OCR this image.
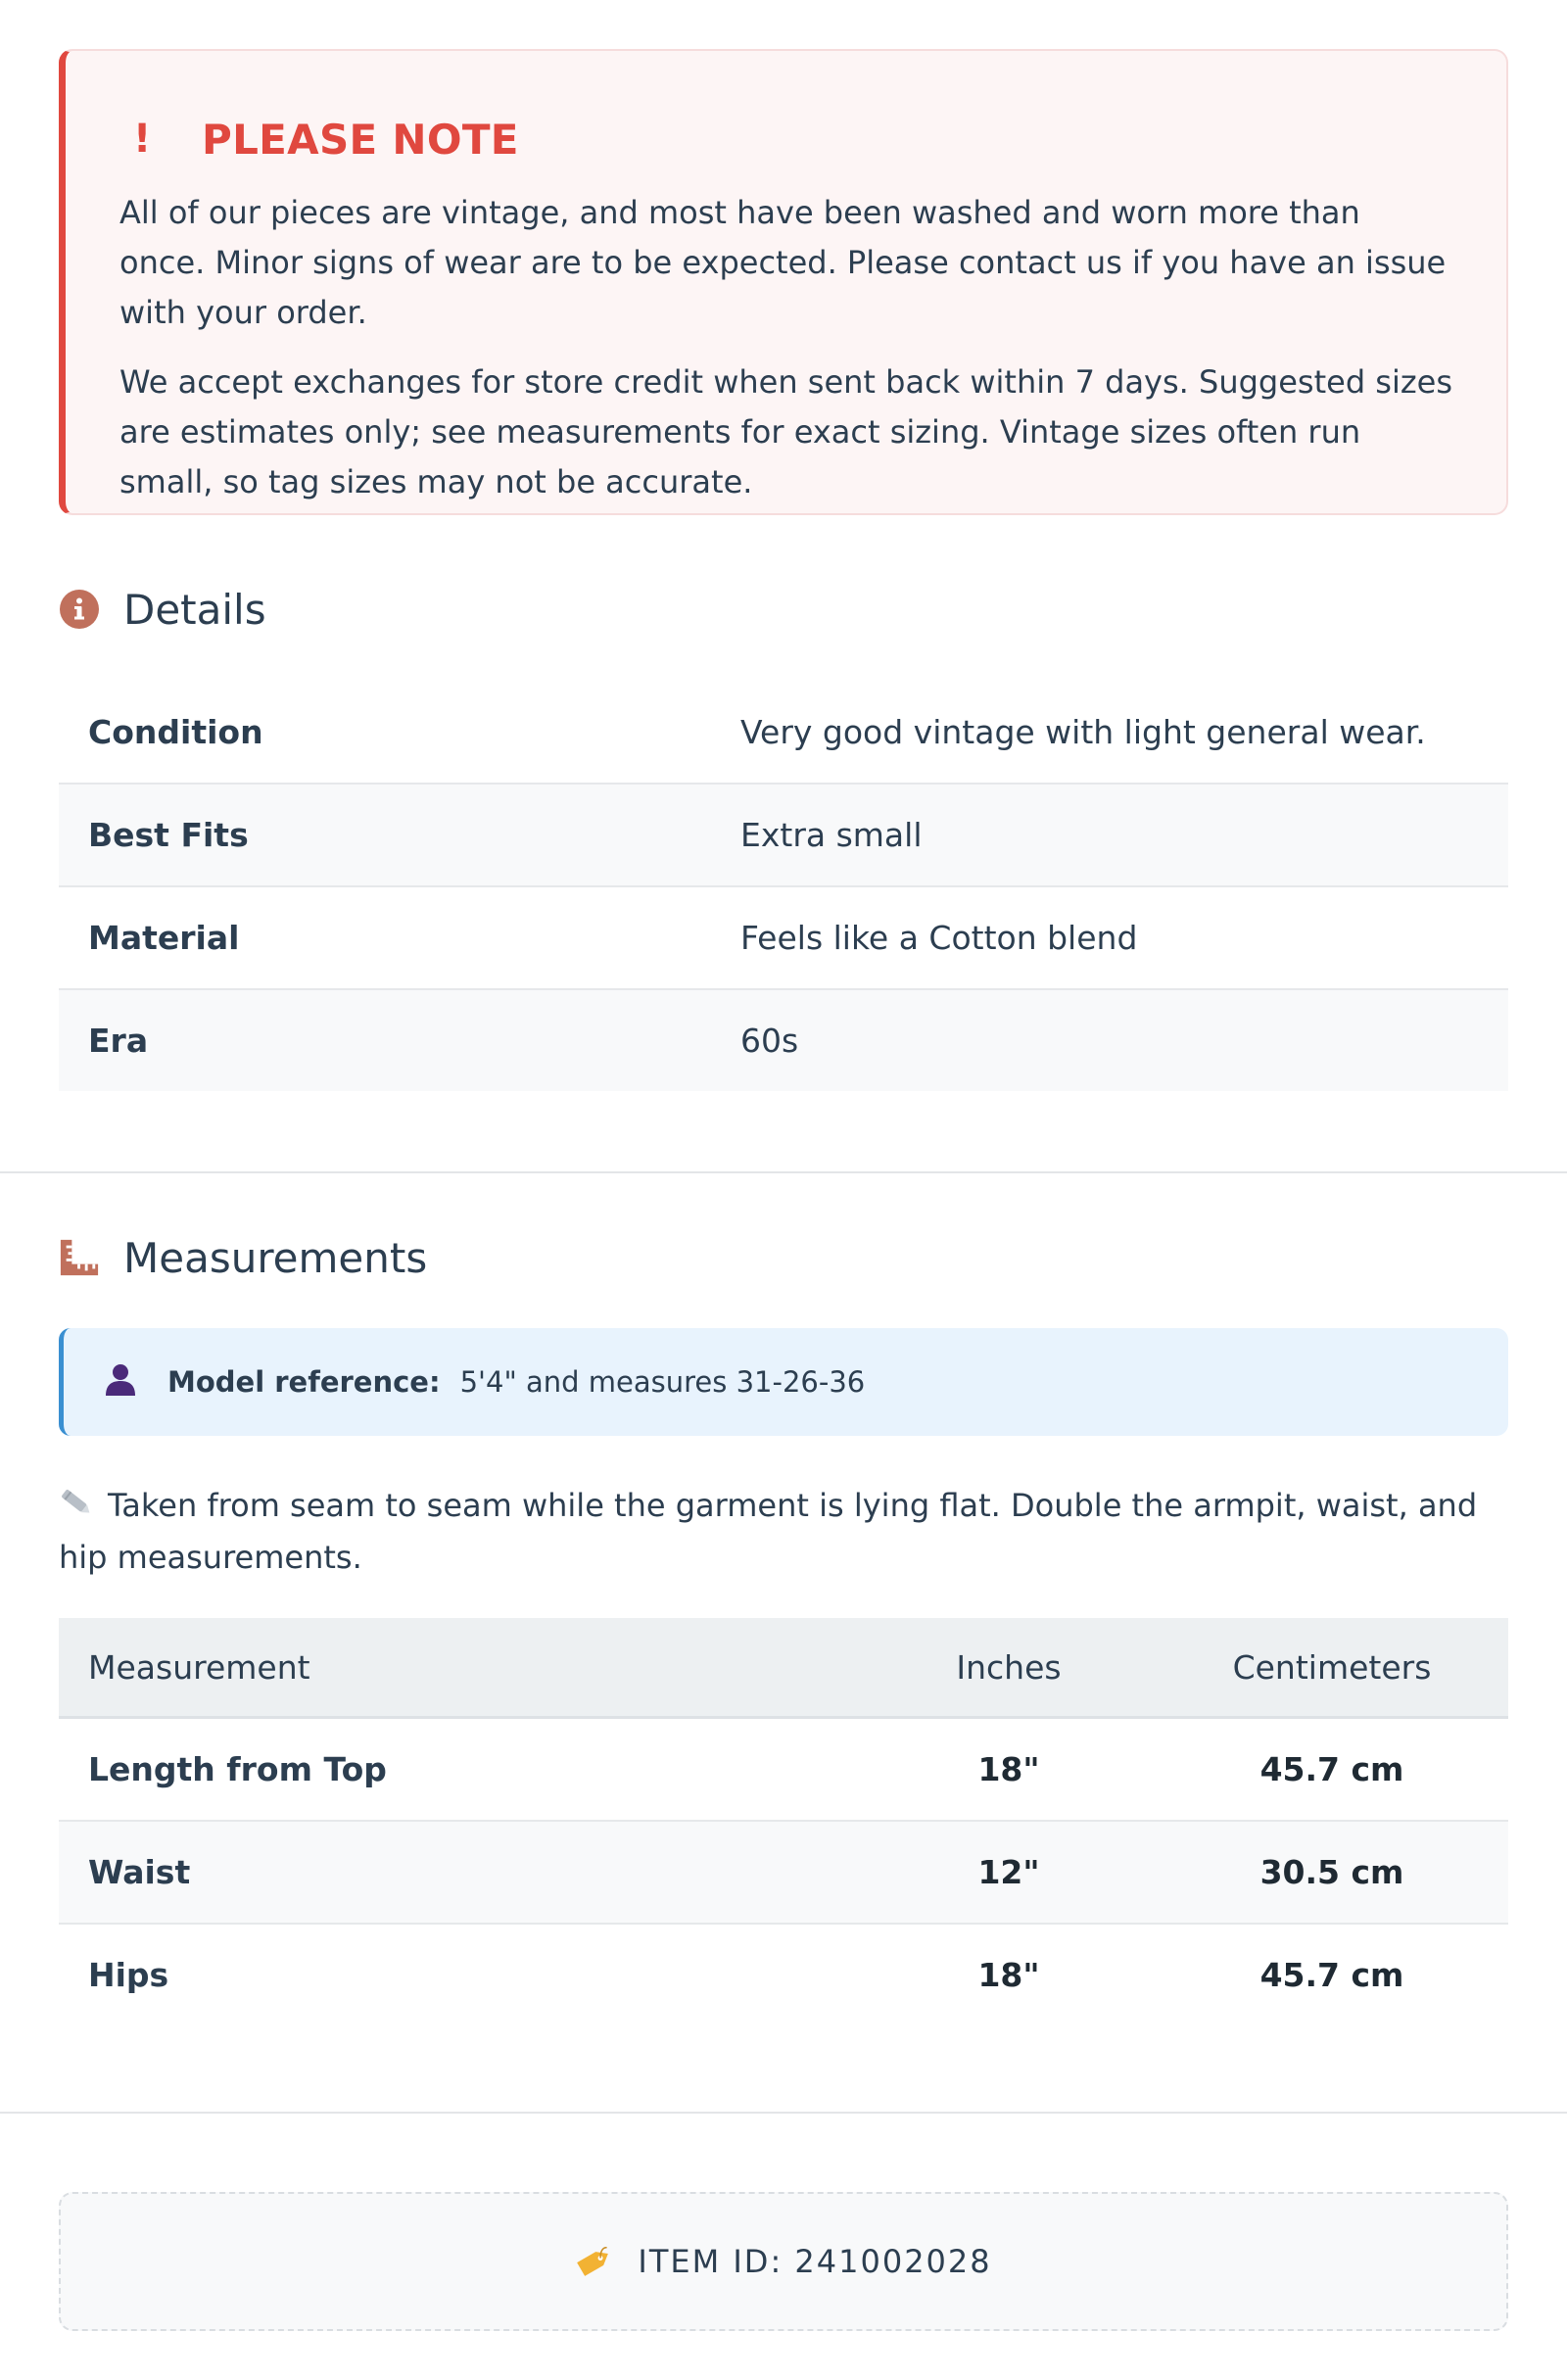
!	PLEASE NOTE

All of our pieces are vintage, and most have been washed and worn more than once. Minor signs of wear are to be expected. Please contact us if you have an issue with your order.

We accept exchanges for store credit when sent back within 7 days. Suggested sizes are estimates only; see measurements for exact sizing. Vintage sizes often run small, so tag sizes may not be accurate.

Details
Condition	Very good vintage with light general wear.
Best Fits	Extra small
Material	Feels like a Cotton blend
Era	60s
Measurements
Model reference: 5'4" and measures 31-26-36
Taken from seam to seam while the garment is lying flat. Double the armpit, waist, and hip measurements.
Measurement	Inches	Centimeters
Length from Top	18"	45.7 cm
Waist	12"	30.5 cm
Hips	18"	45.7 cm
ITEM ID: 241002028
